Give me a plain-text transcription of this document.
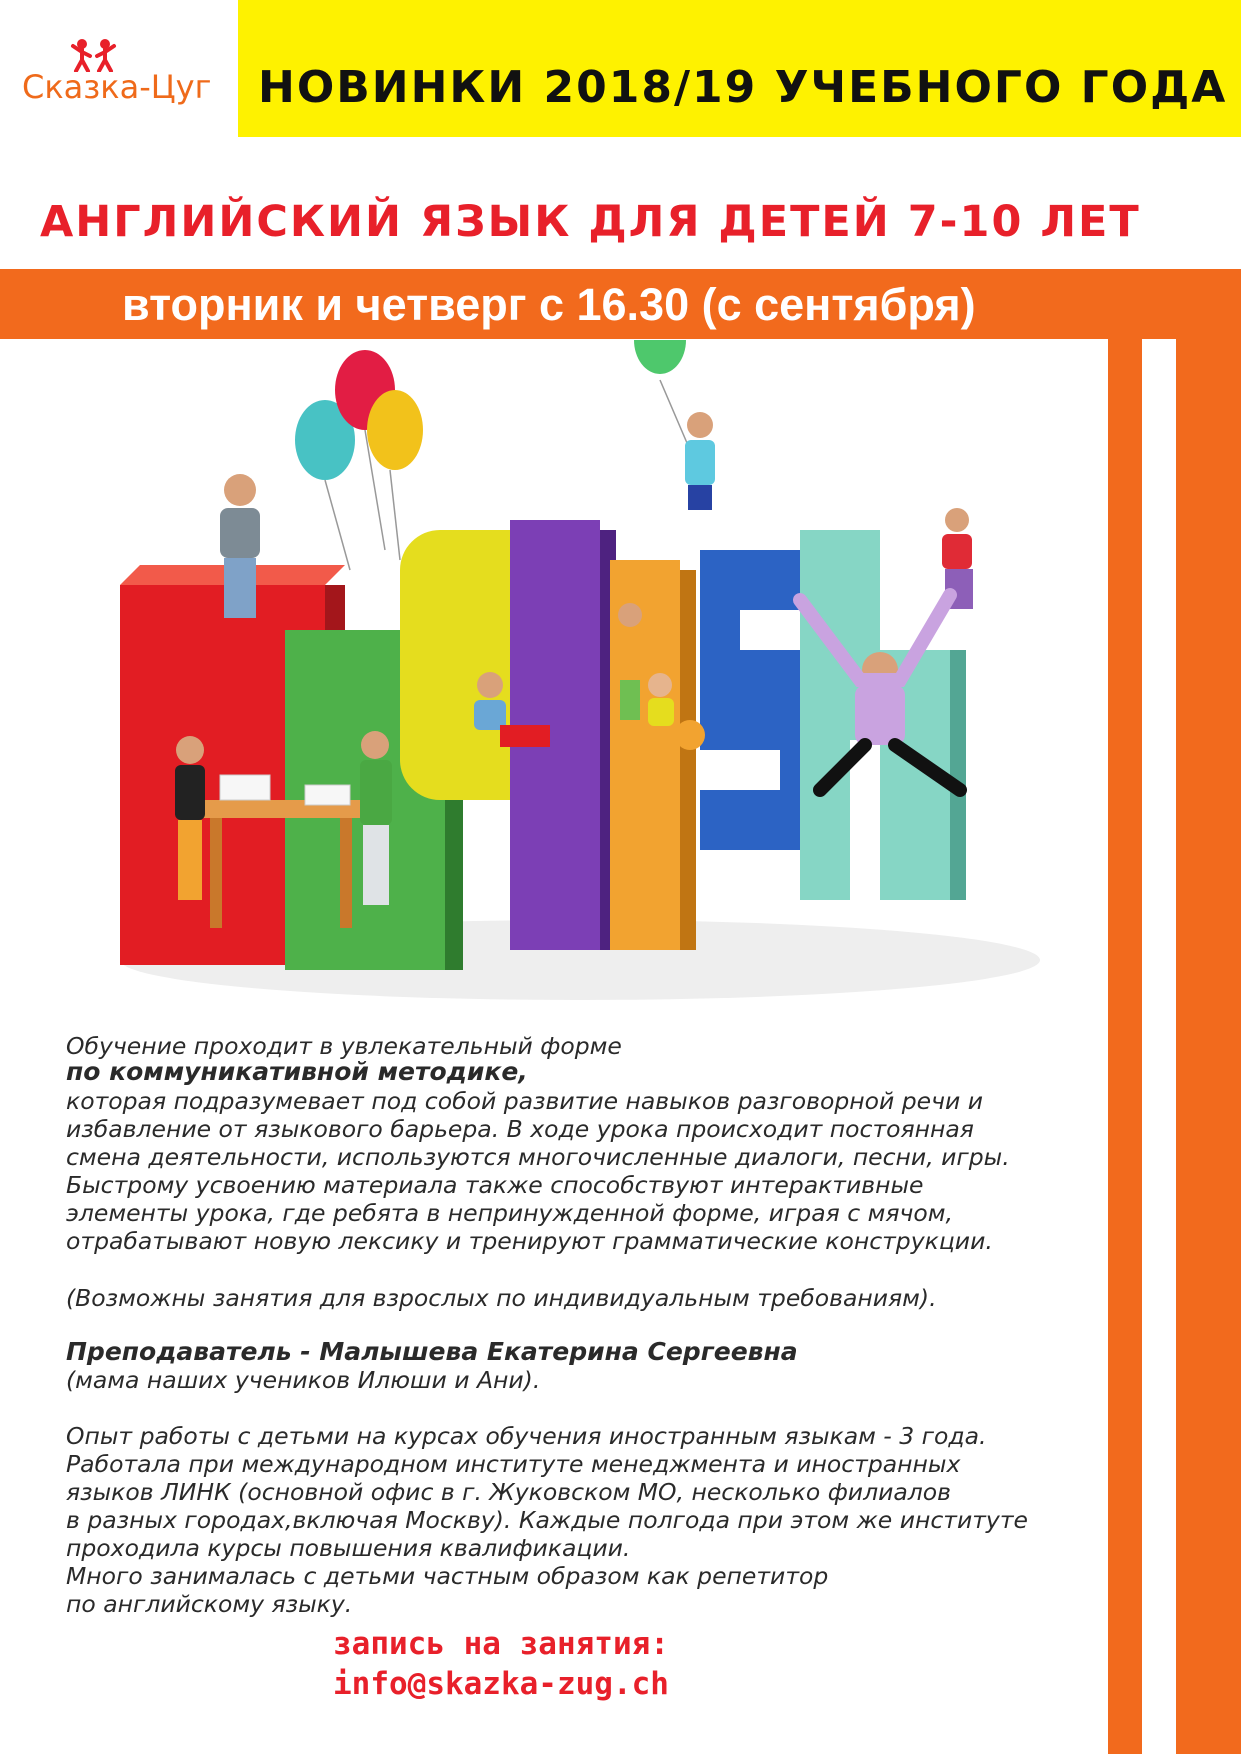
Сказка-Цуг НОВИНКИ 2018/19 УЧЕБНОГО ГОДА
АНГЛИЙСКИЙ ЯЗЫК ДЛЯ ДЕТЕЙ 7-10 ЛЕТ
вторник и четверг с 16.30 (с сентября)
Обучение проходит в увлекательный форме
по коммуникативной методике,
которая подразумевает под собой развитие навыков разговорной речи и
избавление от языкового барьера. В ходе урока происходит постоянная
смена деятельности, используются многочисленные диалоги, песни, игры.
Быстрому усвоению материала также способствуют интерактивные
элементы урока, где ребята в непринужденной форме, играя с мячом,
отрабатывают новую лексику и тренируют грамматические конструкции.
(Возможны занятия для взрослых по индивидуальным требованиям).
Преподаватель - Малышева Екатерина Сергеевна
(мама наших учеников Илюши и Ани).
Опыт работы с детьми на курсах обучения иностранным языкам - 3 года.
Работала при международном институте менеджмента и иностранных
языков ЛИНК (основной офис в г. Жуковском МО, несколько филиалов
в разных городах,включая Москву). Каждые полгода при этом же институте
проходила курсы повышения квалификации.
Много занималась с детьми частным образом как репетитор
по английскому языку.
запись на занятия:
info@skazka-zug.ch
